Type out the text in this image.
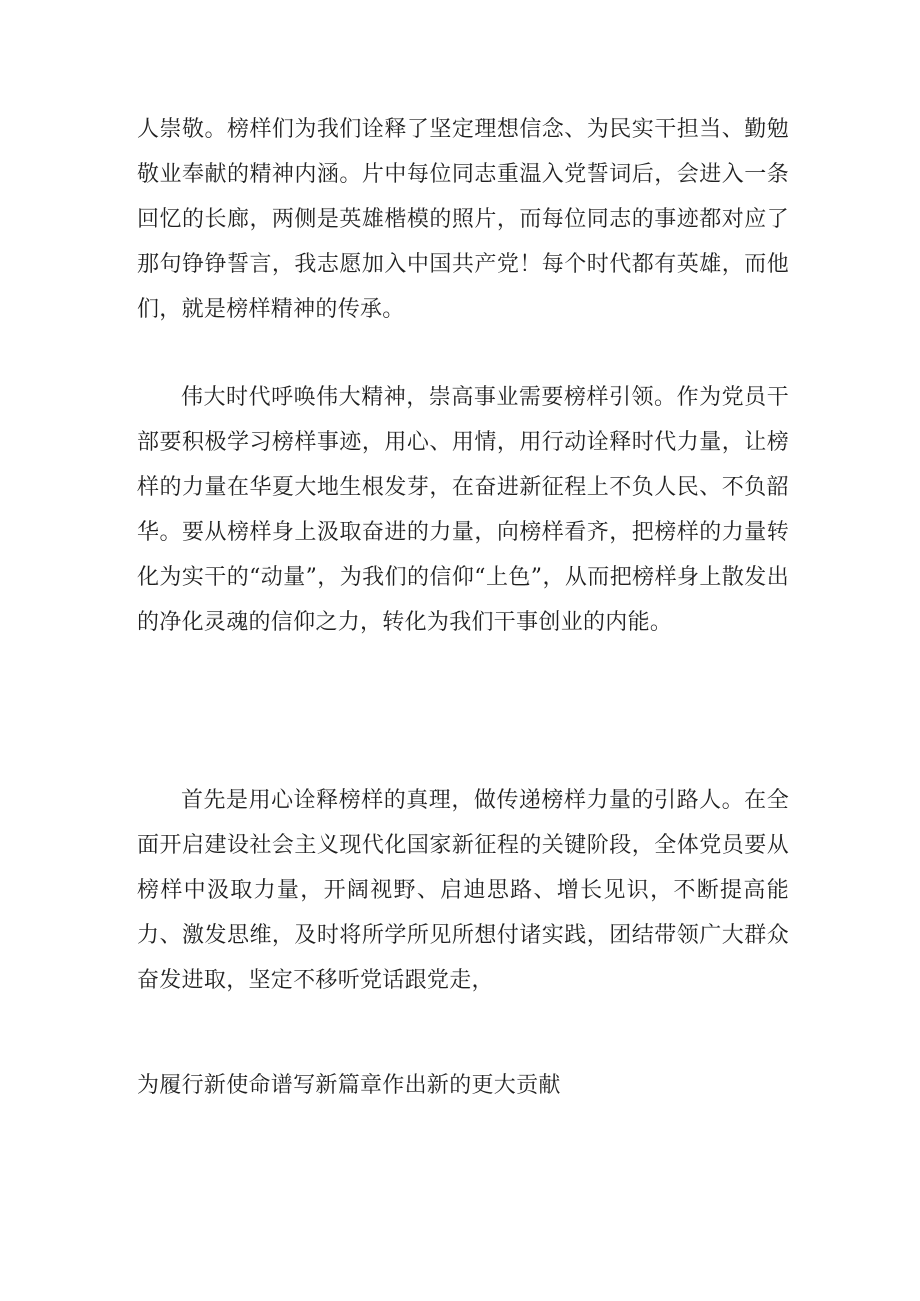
人崇敬。榜样们为我们诠释了坚定理想信念、为民实干担当、勤勉敬业奉献的精神内涵。片中每位同志重温入党誓词后，会进入一条回忆的长廊，两侧是英雄楷模的照片，而每位同志的事迹都对应了那句铮铮誓言，我志愿加入中国共产党！每个时代都有英雄，而他们，就是榜样精神的传承。

伟大时代呼唤伟大精神，崇高事业需要榜样引领。作为党员干部要积极学习榜样事迹，用心、用情，用行动诠释时代力量，让榜样的力量在华夏大地生根发芽，在奋进新征程上不负人民、不负韶华。要从榜样身上汲取奋进的力量，向榜样看齐，把榜样的力量转化为实干的“动量”，为我们的信仰“上色”，从而把榜样身上散发出的净化灵魂的信仰之力，转化为我们干事创业的内能。

首先是用心诠释榜样的真理，做传递榜样力量的引路人。在全面开启建设社会主义现代化国家新征程的关键阶段，全体党员要从榜样中汲取力量，开阔视野、启迪思路、增长见识，不断提高能力、激发思维，及时将所学所见所想付诸实践，团结带领广大群众奋发进取，坚定不移听党话跟党走，

为履行新使命谱写新篇章作出新的更大贡献
